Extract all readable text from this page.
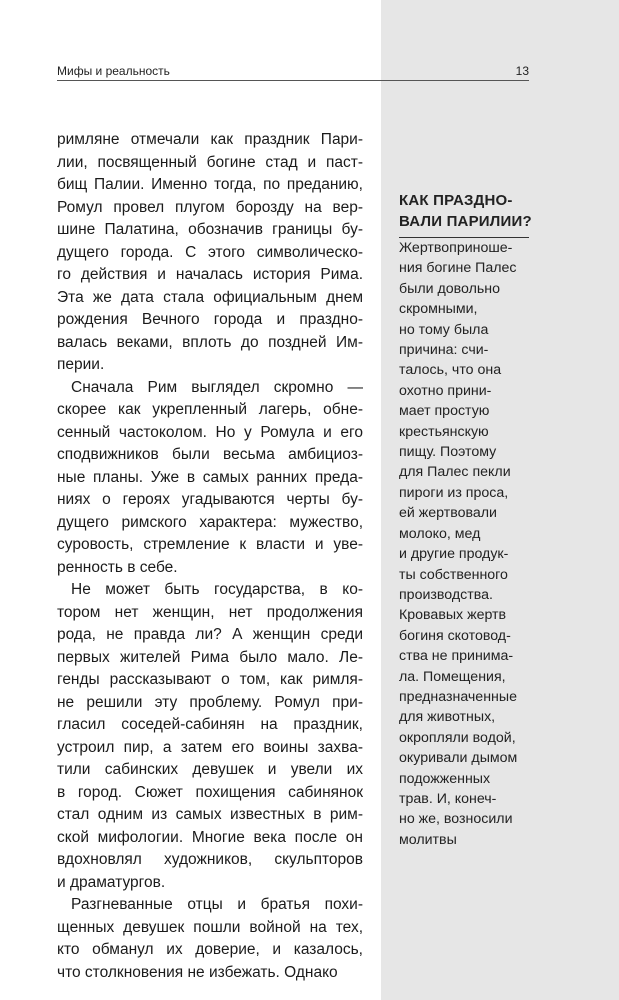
Мифы и реальность	13
римляне отмечали как праздник Пари-
лии, посвященный богине стад и паст-
бищ Палии. Именно тогда, по преданию,
Ромул провел плугом борозду на вер-
шине Палатина, обозначив границы бу-
дущего города. С этого символическо-
го действия и началась история Рима.
Эта же дата стала официальным днем
рождения Вечного города и праздно-
валась веками, вплоть до поздней Им-
перии.
Сначала Рим выглядел скромно —
скорее как укрепленный лагерь, обне-
сенный частоколом. Но у Ромула и его
сподвижников были весьма амбициоз-
ные планы. Уже в самых ранних преда-
ниях о героях угадываются черты бу-
дущего римского характера: мужество,
суровость, стремление к власти и уве-
ренность в себе.
Не может быть государства, в ко-
тором нет женщин, нет продолжения
рода, не правда ли? А женщин среди
первых жителей Рима было мало. Ле-
генды рассказывают о том, как римля-
не решили эту проблему. Ромул при-
гласил соседей-сабинян на праздник,
устроил пир, а затем его воины захва-
тили сабинских девушек и увели их
в город. Сюжет похищения сабинянок
стал одним из самых известных в рим-
ской мифологии. Многие века после он
вдохновлял художников, скульпторов
и драматургов.
Разгневанные отцы и братья похи-
щенных девушек пошли войной на тех,
кто обманул их доверие, и казалось,
что столкновения не избежать. Однако
КАК ПРАЗДНО-
ВАЛИ ПАРИЛИИ?
Жертвоприноше-
ния богине Палес
были довольно
скромными,
но тому была
причина: счи-
талось, что она
охотно прини-
мает простую
крестьянскую
пищу. Поэтому
для Палес пекли
пироги из проса,
ей жертвовали
молоко, мед
и другие продук-
ты собственного
производства.
Кровавых жертв
богиня скотовод-
ства не принима-
ла. Помещения,
предназначенные
для животных,
окропляли водой,
окуривали дымом
подожженных
трав. И, конеч-
но же, возносили
молитвы
